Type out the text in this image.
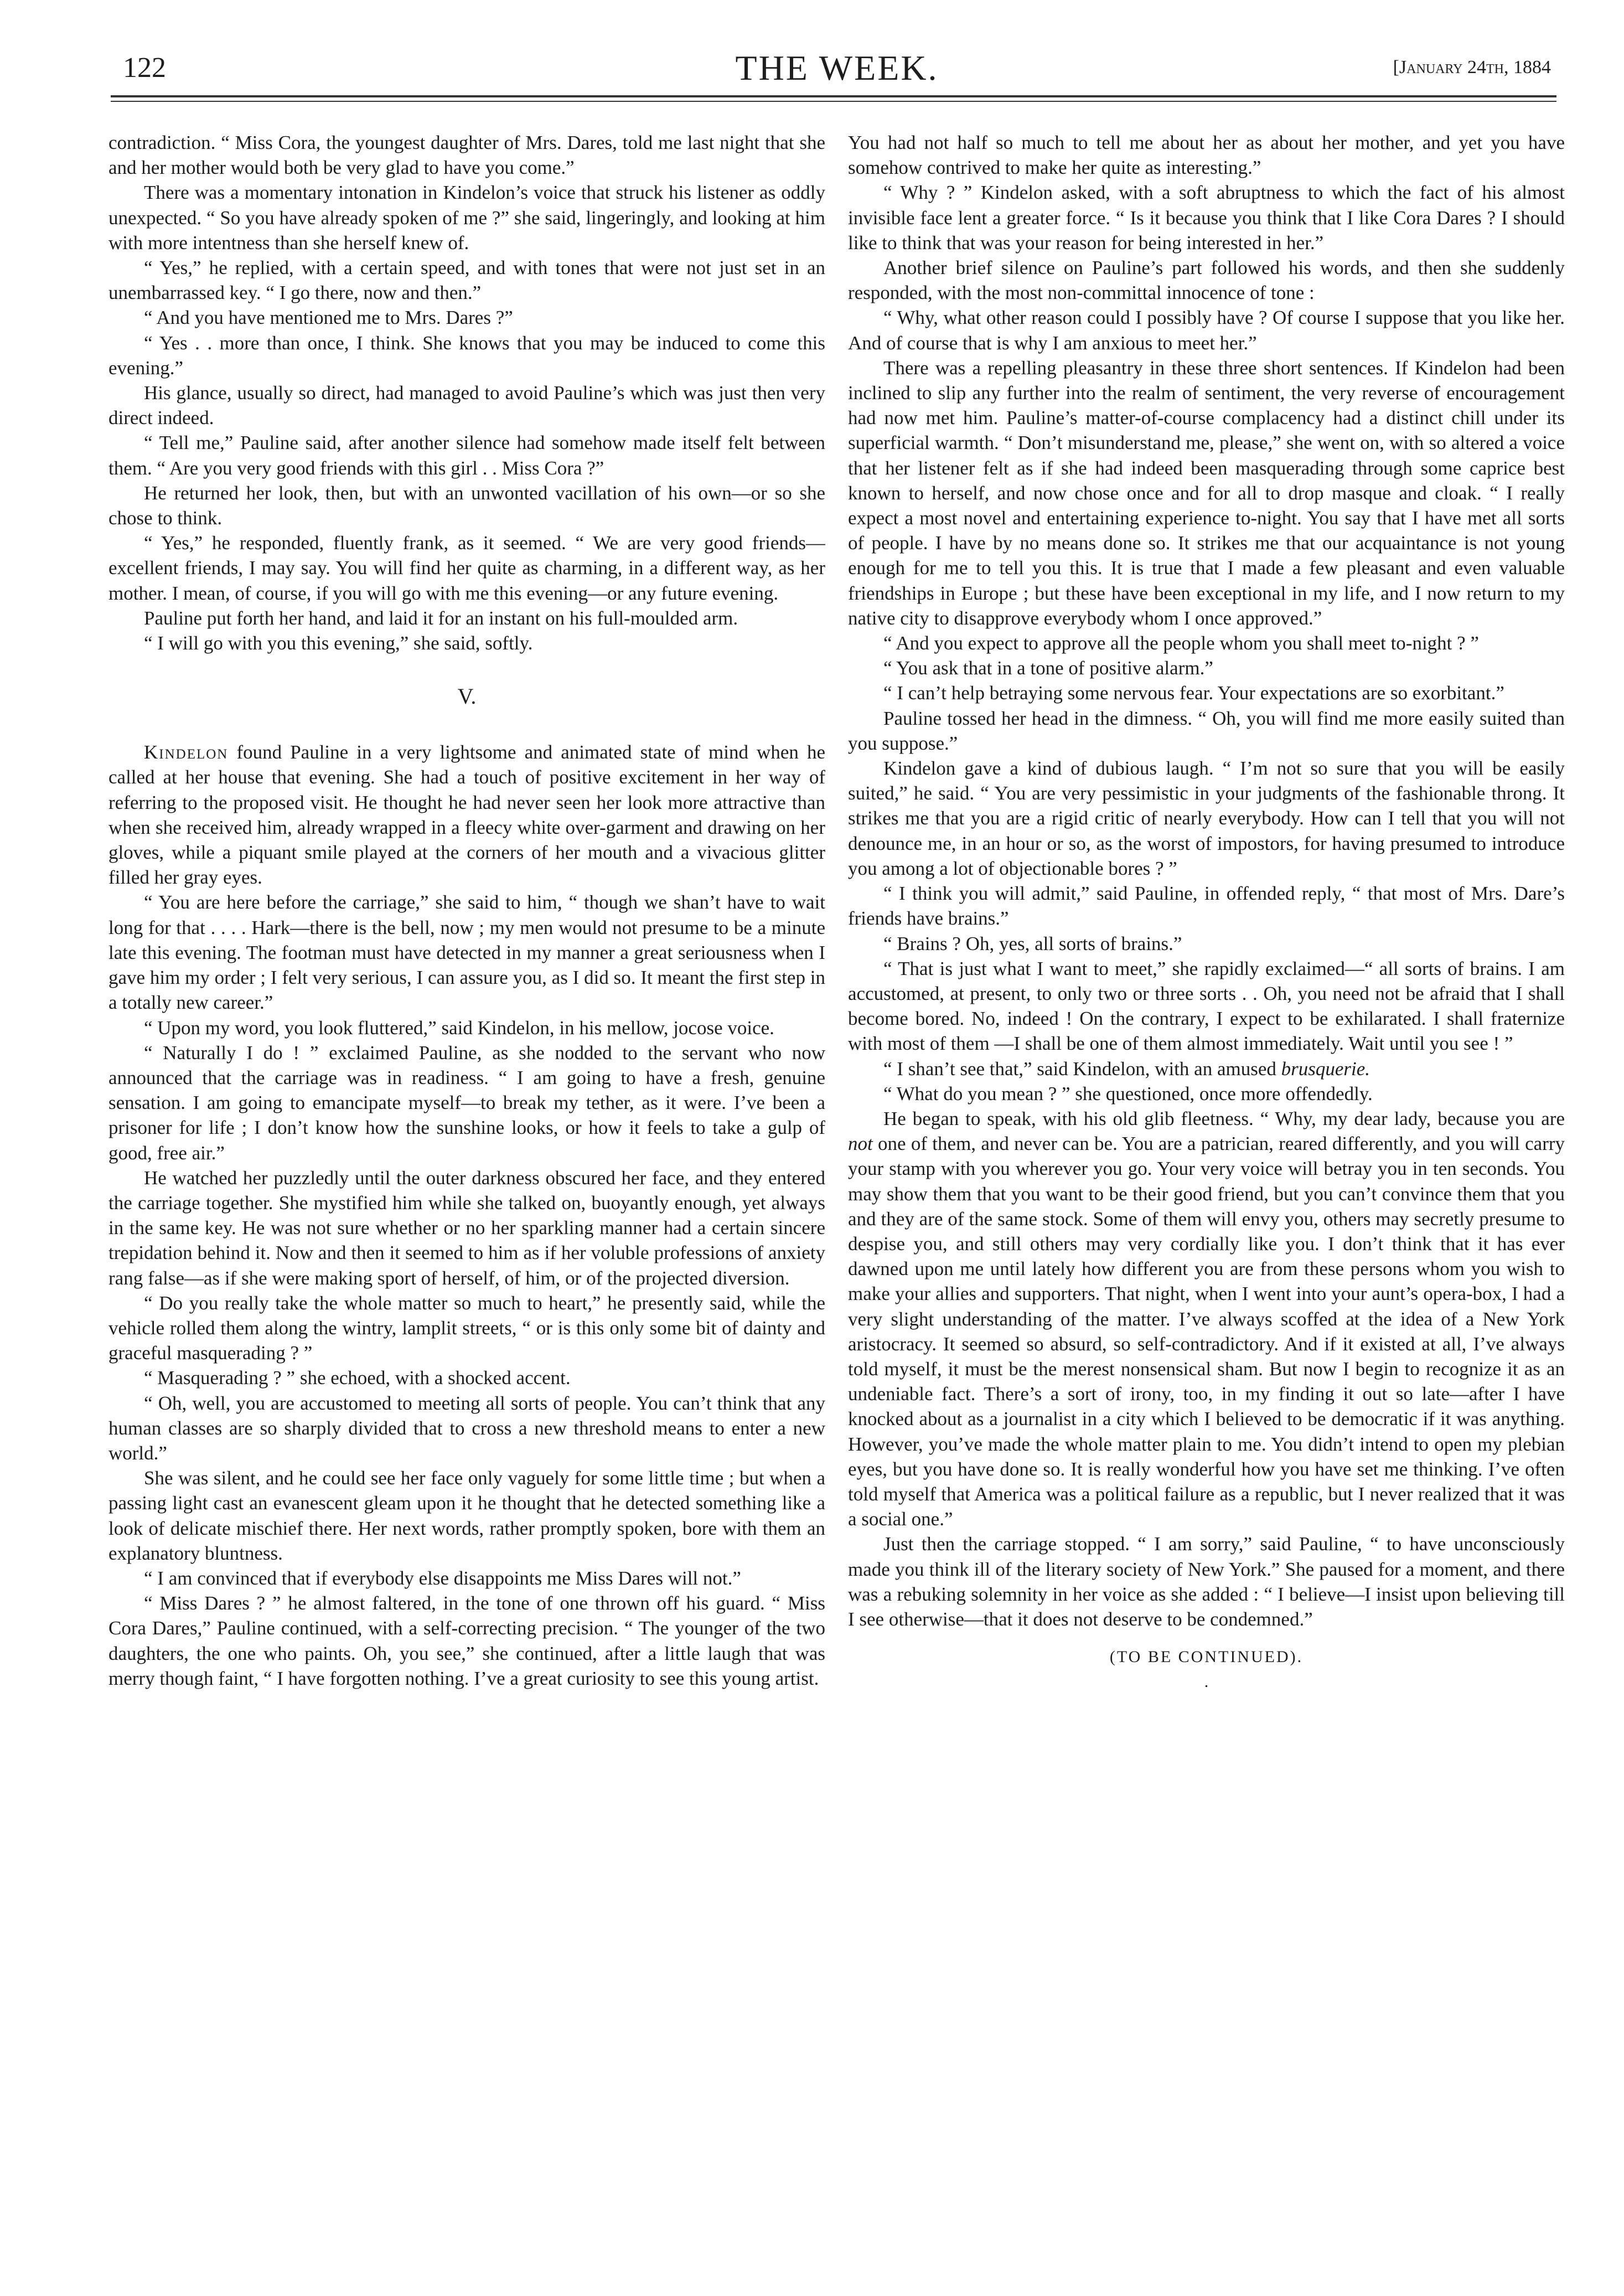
122	THE WEEK.	[January 24th, 1884

contradiction. “ Miss Cora, the youngest daughter of Mrs. Dares, told me last night that she and her mother would both be very glad to have you come.”

There was a momentary intonation in Kindelon’s voice that struck his listener as oddly unexpected. “ So you have already spoken of me ?” she said, lingeringly, and looking at him with more intentness than she herself knew of.

“ Yes,” he replied, with a certain speed, and with tones that were not just set in an unembarrassed key. “ I go there, now and then.”

“ And you have mentioned me to Mrs. Dares ?”

“ Yes . . more than once, I think. She knows that you may be induced to come this evening.”

His glance, usually so direct, had managed to avoid Pauline’s which was just then very direct indeed.

“ Tell me,” Pauline said, after another silence had somehow made itself felt between them. “ Are you very good friends with this girl . . Miss Cora ?”

He returned her look, then, but with an unwonted vacillation of his own—or so she chose to think.

“ Yes,” he responded, fluently frank, as it seemed. “ We are very good friends—excellent friends, I may say. You will find her quite as charming, in a different way, as her mother. I mean, of course, if you will go with me this evening—or any future evening.

Pauline put forth her hand, and laid it for an instant on his full-moulded arm.

“ I will go with you this evening,” she said, softly.

V.

Kindelon found Pauline in a very lightsome and animated state of mind when he called at her house that evening. She had a touch of positive excitement in her way of referring to the proposed visit. He thought he had never seen her look more attractive than when she received him, already wrapped in a fleecy white over-garment and drawing on her gloves, while a piquant smile played at the corners of her mouth and a vivacious glitter filled her gray eyes.

“ You are here before the carriage,” she said to him, “ though we shan’t have to wait long for that . . . . Hark—there is the bell, now ; my men would not presume to be a minute late this evening. The footman must have detected in my manner a great seriousness when I gave him my order ; I felt very serious, I can assure you, as I did so. It meant the first step in a totally new career.”

“ Upon my word, you look fluttered,” said Kindelon, in his mellow, jocose voice.

“ Naturally I do ! ” exclaimed Pauline, as she nodded to the servant who now announced that the carriage was in readiness. “ I am going to have a fresh, genuine sensation. I am going to emancipate myself—to break my tether, as it were. I’ve been a prisoner for life ; I don’t know how the sunshine looks, or how it feels to take a gulp of good, free air.”

He watched her puzzledly until the outer darkness obscured her face, and they entered the carriage together. She mystified him while she talked on, buoyantly enough, yet always in the same key. He was not sure whether or no her sparkling manner had a certain sincere trepidation behind it. Now and then it seemed to him as if her voluble professions of anxiety rang false—as if she were making sport of herself, of him, or of the projected diversion.

“ Do you really take the whole matter so much to heart,” he presently said, while the vehicle rolled them along the wintry, lamplit streets, “ or is this only some bit of dainty and graceful masquerading ? ”

“ Masquerading ? ” she echoed, with a shocked accent.

“ Oh, well, you are accustomed to meeting all sorts of people. You can’t think that any human classes are so sharply divided that to cross a new threshold means to enter a new world.”

She was silent, and he could see her face only vaguely for some little time ; but when a passing light cast an evanescent gleam upon it he thought that he detected something like a look of delicate mischief there. Her next words, rather promptly spoken, bore with them an explanatory bluntness.

“ I am convinced that if everybody else disappoints me Miss Dares will not.”

“ Miss Dares ? ” he almost faltered, in the tone of one thrown off his guard. “ Miss Cora Dares,” Pauline continued, with a self-correcting precision. “ The younger of the two daughters, the one who paints. Oh, you see,” she continued, after a little laugh that was merry though faint, “ I have forgotten nothing. I’ve a great curiosity to see this young artist.

You had not half so much to tell me about her as about her mother, and yet you have somehow contrived to make her quite as interesting.”

“ Why ? ” Kindelon asked, with a soft abruptness to which the fact of his almost invisible face lent a greater force. “ Is it because you think that I like Cora Dares ? I should like to think that was your reason for being interested in her.”

Another brief silence on Pauline’s part followed his words, and then she suddenly responded, with the most non-committal innocence of tone :

“ Why, what other reason could I possibly have ? Of course I suppose that you like her. And of course that is why I am anxious to meet her.”

There was a repelling pleasantry in these three short sentences. If Kindelon had been inclined to slip any further into the realm of sentiment, the very reverse of encouragement had now met him. Pauline’s matter-of-course complacency had a distinct chill under its superficial warmth. “ Don’t misunderstand me, please,” she went on, with so altered a voice that her listener felt as if she had indeed been masquerading through some caprice best known to herself, and now chose once and for all to drop masque and cloak. “ I really expect a most novel and entertaining experience to-night. You say that I have met all sorts of people. I have by no means done so. It strikes me that our acquaintance is not young enough for me to tell you this. It is true that I made a few pleasant and even valuable friendships in Europe ; but these have been exceptional in my life, and I now return to my native city to disapprove everybody whom I once approved.”

“ And you expect to approve all the people whom you shall meet to-night ? ”

“ You ask that in a tone of positive alarm.”

“ I can’t help betraying some nervous fear. Your expectations are so exorbitant.”

Pauline tossed her head in the dimness. “ Oh, you will find me more easily suited than you suppose.”

Kindelon gave a kind of dubious laugh. “ I’m not so sure that you will be easily suited,” he said. “ You are very pessimistic in your judgments of the fashionable throng. It strikes me that you are a rigid critic of nearly everybody. How can I tell that you will not denounce me, in an hour or so, as the worst of impostors, for having presumed to introduce you among a lot of objectionable bores ? ”

“ I think you will admit,” said Pauline, in offended reply, “ that most of Mrs. Dare’s friends have brains.”

“ Brains ? Oh, yes, all sorts of brains.”

“ That is just what I want to meet,” she rapidly exclaimed—“ all sorts of brains. I am accustomed, at present, to only two or three sorts . . Oh, you need not be afraid that I shall become bored. No, indeed ! On the contrary, I expect to be exhilarated. I shall fraternize with most of them —I shall be one of them almost immediately. Wait until you see ! ”

“ I shan’t see that,” said Kindelon, with an amused brusquerie.

“ What do you mean ? ” she questioned, once more offendedly.

He began to speak, with his old glib fleetness. “ Why, my dear lady, because you are not one of them, and never can be. You are a patrician, reared differently, and you will carry your stamp with you wherever you go. Your very voice will betray you in ten seconds. You may show them that you want to be their good friend, but you can’t convince them that you and they are of the same stock. Some of them will envy you, others may secretly presume to despise you, and still others may very cordially like you. I don’t think that it has ever dawned upon me until lately how different you are from these persons whom you wish to make your allies and supporters. That night, when I went into your aunt’s opera-box, I had a very slight understanding of the matter. I’ve always scoffed at the idea of a New York aristocracy. It seemed so absurd, so self-contradictory. And if it existed at all, I’ve always told myself, it must be the merest nonsensical sham. But now I begin to recognize it as an undeniable fact. There’s a sort of irony, too, in my finding it out so late—after I have knocked about as a journalist in a city which I believed to be democratic if it was anything. However, you’ve made the whole matter plain to me. You didn’t intend to open my plebian eyes, but you have done so. It is really wonderful how you have set me thinking. I’ve often told myself that America was a political failure as a republic, but I never realized that it was a social one.”

Just then the carriage stopped. “ I am sorry,” said Pauline, “ to have unconsciously made you think ill of the literary society of New York.” She paused for a moment, and there was a rebuking solemnity in her voice as she added : “ I believe—I insist upon believing till I see otherwise—that it does not deserve to be condemned.”

(TO BE CONTINUED).
.
